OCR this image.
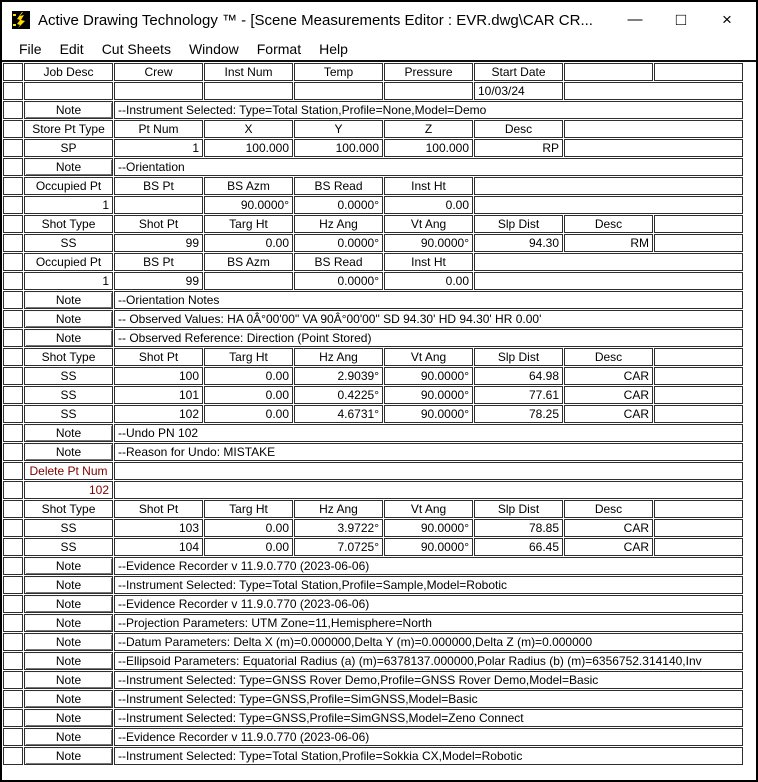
Active Drawing Technology ™ - [Scene Measurements Editor : EVR.dwg\CAR CR...	—	□	×
File	Edit	Cut Sheets	Window	Format	Help
	Job Desc	Crew	Inst Num	Temp	Pressure	Start Date		
						10/03/24		
	Note	--Instrument Selected: Type=Total Station,Profile=None,Model=Demo						
	Store Pt Type	Pt Num	X	Y	Z	Desc		
	SP	1	100.000	100.000	100.000	RP		
	Note	--Orientation						
	Occupied Pt	BS Pt	BS Azm	BS Read	Inst Ht			
	1		90.0000°	0.0000°	0.00			
	Shot Type	Shot Pt	Targ Ht	Hz Ang	Vt Ang	Slp Dist	Desc	
	SS	99	0.00	0.0000°	90.0000°	94.30	RM	
	Occupied Pt	BS Pt	BS Azm	BS Read	Inst Ht			
	1	99		0.0000°	0.00			
	Note	--Orientation Notes						
	Note	-- Observed Values: HA 0Â°00'00" VA 90Â°00'00" SD 94.30' HD 94.30' HR 0.00'						
	Note	-- Observed Reference: Direction (Point Stored)						
	Shot Type	Shot Pt	Targ Ht	Hz Ang	Vt Ang	Slp Dist	Desc	
	SS	100	0.00	2.9039°	90.0000°	64.98	CAR	
	SS	101	0.00	0.4225°	90.0000°	77.61	CAR	
	SS	102	0.00	4.6731°	90.0000°	78.25	CAR	
	Note	--Undo PN 102						
	Note	--Reason for Undo: MISTAKE						
	Delete Pt Num							
	102							
	Shot Type	Shot Pt	Targ Ht	Hz Ang	Vt Ang	Slp Dist	Desc	
	SS	103	0.00	3.9722°	90.0000°	78.85	CAR	
	SS	104	0.00	7.0725°	90.0000°	66.45	CAR	
	Note	--Evidence Recorder v 11.9.0.770 (2023-06-06)						
	Note	--Instrument Selected: Type=Total Station,Profile=Sample,Model=Robotic						
	Note	--Evidence Recorder v 11.9.0.770 (2023-06-06)						
	Note	--Projection Parameters: UTM Zone=11,Hemisphere=North						
	Note	--Datum Parameters: Delta X (m)=0.000000,Delta Y (m)=0.000000,Delta Z (m)=0.000000						
	Note	--Ellipsoid Parameters: Equatorial Radius (a) (m)=6378137.000000,Polar Radius (b) (m)=6356752.314140,Inv						
	Note	--Instrument Selected: Type=GNSS Rover Demo,Profile=GNSS Rover Demo,Model=Basic						
	Note	--Instrument Selected: Type=GNSS,Profile=SimGNSS,Model=Basic						
	Note	--Instrument Selected: Type=GNSS,Profile=SimGNSS,Model=Zeno Connect						
	Note	--Evidence Recorder v 11.9.0.770 (2023-06-06)						
	Note	--Instrument Selected: Type=Total Station,Profile=Sokkia CX,Model=Robotic						
